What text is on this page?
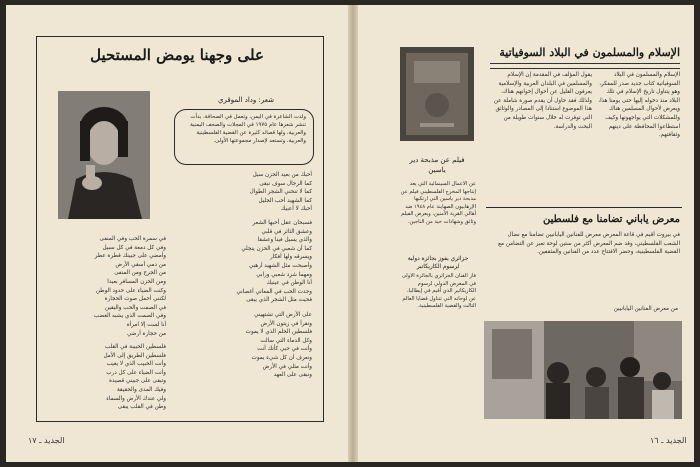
على وجهنا يومض المستحيل
شعر: وداد الموقري
ولدت الشاعرة في اليمن، وتعمل في الصحافة، بدأت تنشر شعرها عام ١٩٧٥ في المجلات والصحف اليمنية والعربية، ولها قصائد كثيرة عن القضية الفلسطينية والعربية، وتستعد لإصدار مجموعتها الأولى.
أحبك من بعيد الحزن سيل
كما الرجال سوف نبقى
كما لا تنحني الشجر الطوال
كما الشهيد أحب الجليل
أحبك لا أعبيك
فسبحان عقل أحبها الشعر
وعشق الثائر في قلبي
والذي يسيل فينا وعشقا
كما أن شعبي في الحزن ينجلي
ويسرقه ولها أفكار
وأصبحت مثل الشهيد أرهبي
ومهما شرد شعبي ورابي
أنا الوطن في عينيك
وجدت الحب في المعاني أغصاني
فحيث مثل الشجر الذي يبقى
على الأرض التي تشتهيني
ونقرأ في زيتون الأرض
فلسطين الحلم الذي لا يموت
وكل الدماء التي سالت
وأنت في حبي كأنك أنت
ونعرف أن كل شيء يموت
وأنت مثلي في الأرض
ونبقى على العهد
في سمرة الحب وفي المنفى
وفي كل دمعة في كل سبيل
وأمضي على جبينك قطرة عطر
من دمي أسقي الأرض
من الجرح ومن المنفى
ومن الحزن المسافر بعيدا
وكنت الضياء على حدود الوطن
لكنني أحمل صوت الحجارة
في الصمت والحب واليقين
وفي الصمت الذي يشبه الغضب
أنا لست إلا امرأة
من حجارة أرضي
فلسطين الحبيبة في القلب
فلسطين الطريق إلى الأمل
وأنت الحبيب الذي لا يغيب
وأنت الضياء على كل درب
وتبقى على جبيني قصيدة
وفيك المدى والحقيقة
ولي عندك الأرض والسماء
وطن في القلب يبقى
الجديد ـ ١٧
الإسلام والمسلمون في البلاد السوفياتية
الإسلام والمسلمون في البلاد السوفياتية كتاب جديد صدر للمفكر، وهو يتناول تاريخ الإسلام في تلك البلاد منذ دخوله إليها حتى يومنا هذا، ويعرض لأحوال المسلمين هناك وللمشكلات التي يواجهونها وكيف استطاعوا المحافظة على دينهم وثقافتهم.
يقول المؤلف في المقدمة إن الإسلام والمسلمين في البلدان العربية والإسلامية يعرفون القليل عن أحوال إخوانهم هناك، ولذلك فقد حاول أن يقدم صورة شاملة عن هذا الموضوع استنادا إلى المصادر والوثائق التي توفرت له خلال سنوات طويلة من البحث والدراسة.
فيلم عن مذبحة دير ياسين
عن الأعمال السينمائية التي يعد إنتاجها المخرج الفلسطيني فيلم عن مذبحة دير ياسين التي ارتكبها الإرهابيون الصهاينة عام ١٩٤٨ ضد أهالي القرية الآمنين، ويعرض الفيلم وثائق وشهادات حية من الناجين.
جزائري يفوز بجائزة دولية لرسوم الكاريكاتير
فاز الفنان الجزائري بالجائزة الأولى في المعرض الدولي لرسوم الكاريكاتير الذي أقيم في إيطاليا، عن لوحاته التي تتناول قضايا العالم الثالث والقضية الفلسطينية.
معرض ياباني تضامنا مع فلسطين
في بيروت أقيم في قاعة المعرض معرض للفنانين اليابانيين تضامنا مع نضال الشعب الفلسطيني، وقد ضم المعرض أكثر من ستين لوحة تعبر عن التضامن مع القضية الفلسطينية، وحضر الافتتاح عدد من الفنانين والمثقفين.
من معرض الفنانين اليابانيين
الجديد ـ ١٦
